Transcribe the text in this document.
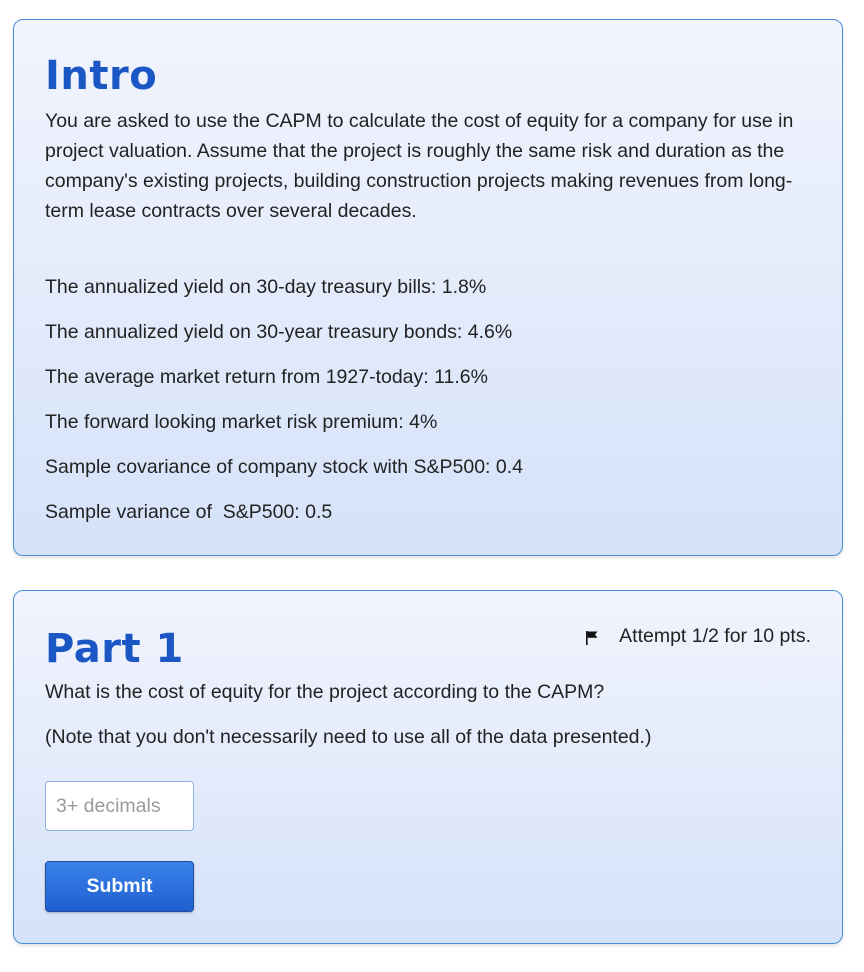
Intro

You are asked to use the CAPM to calculate the cost of equity for a company for use in project valuation. Assume that the project is roughly the same risk and duration as the company's existing projects, building construction projects making revenues from long-term lease contracts over several decades.

The annualized yield on 30-day treasury bills: 1.8%

The annualized yield on 30-year treasury bonds: 4.6%

The average market return from 1927-today: 11.6%

The forward looking market risk premium: 4%

Sample covariance of company stock with S&P500: 0.4

Sample variance of  S&P500: 0.5

Part 1	Attempt 1/2 for 10 pts.

What is the cost of equity for the project according to the CAPM?

(Note that you don't necessarily need to use all of the data presented.)

3+ decimals
Submit
